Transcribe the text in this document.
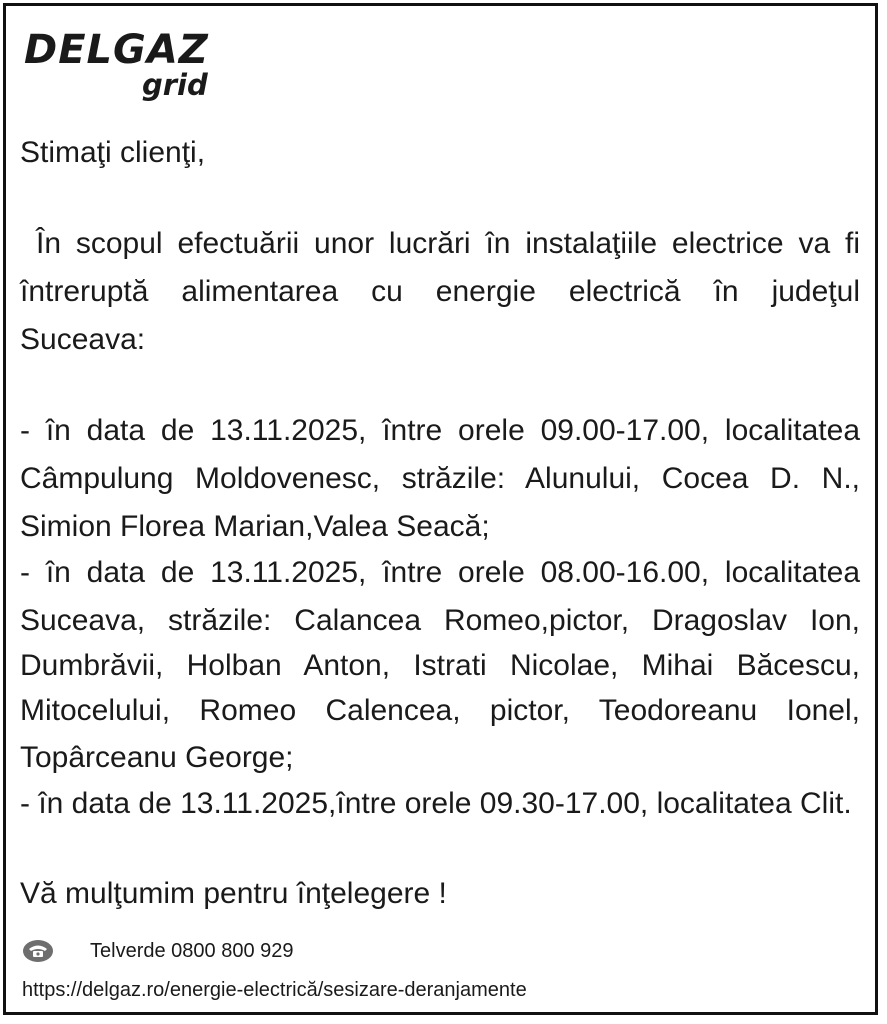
DELGAZ
grid

Stimaţi clienţi,

În scopul efectuării unor lucrări în instalaţiile electrice va fi

întreruptă alimentarea cu energie electrică în judeţul

Suceava:

- în data de 13.11.2025, între orele 09.00-17.00, localitatea

Câmpulung Moldovenesc, străzile: Alunului, Cocea D. N.,

Simion Florea Marian,Valea Seacă;

- în data de 13.11.2025, între orele 08.00-16.00, localitatea

Suceava, străzile: Calancea Romeo,pictor, Dragoslav Ion,

Dumbrăvii, Holban Anton, Istrati Nicolae, Mihai Băcescu,

Mitocelului, Romeo Calencea, pictor, Teodoreanu Ionel,

Topârceanu George;

- în data de 13.11.2025,între orele 09.30-17.00, localitatea Clit.

Vă mulţumim pentru înţelegere !

Telverde 0800 800 929
https://delgaz.ro/energie-electrică/sesizare-deranjamente
